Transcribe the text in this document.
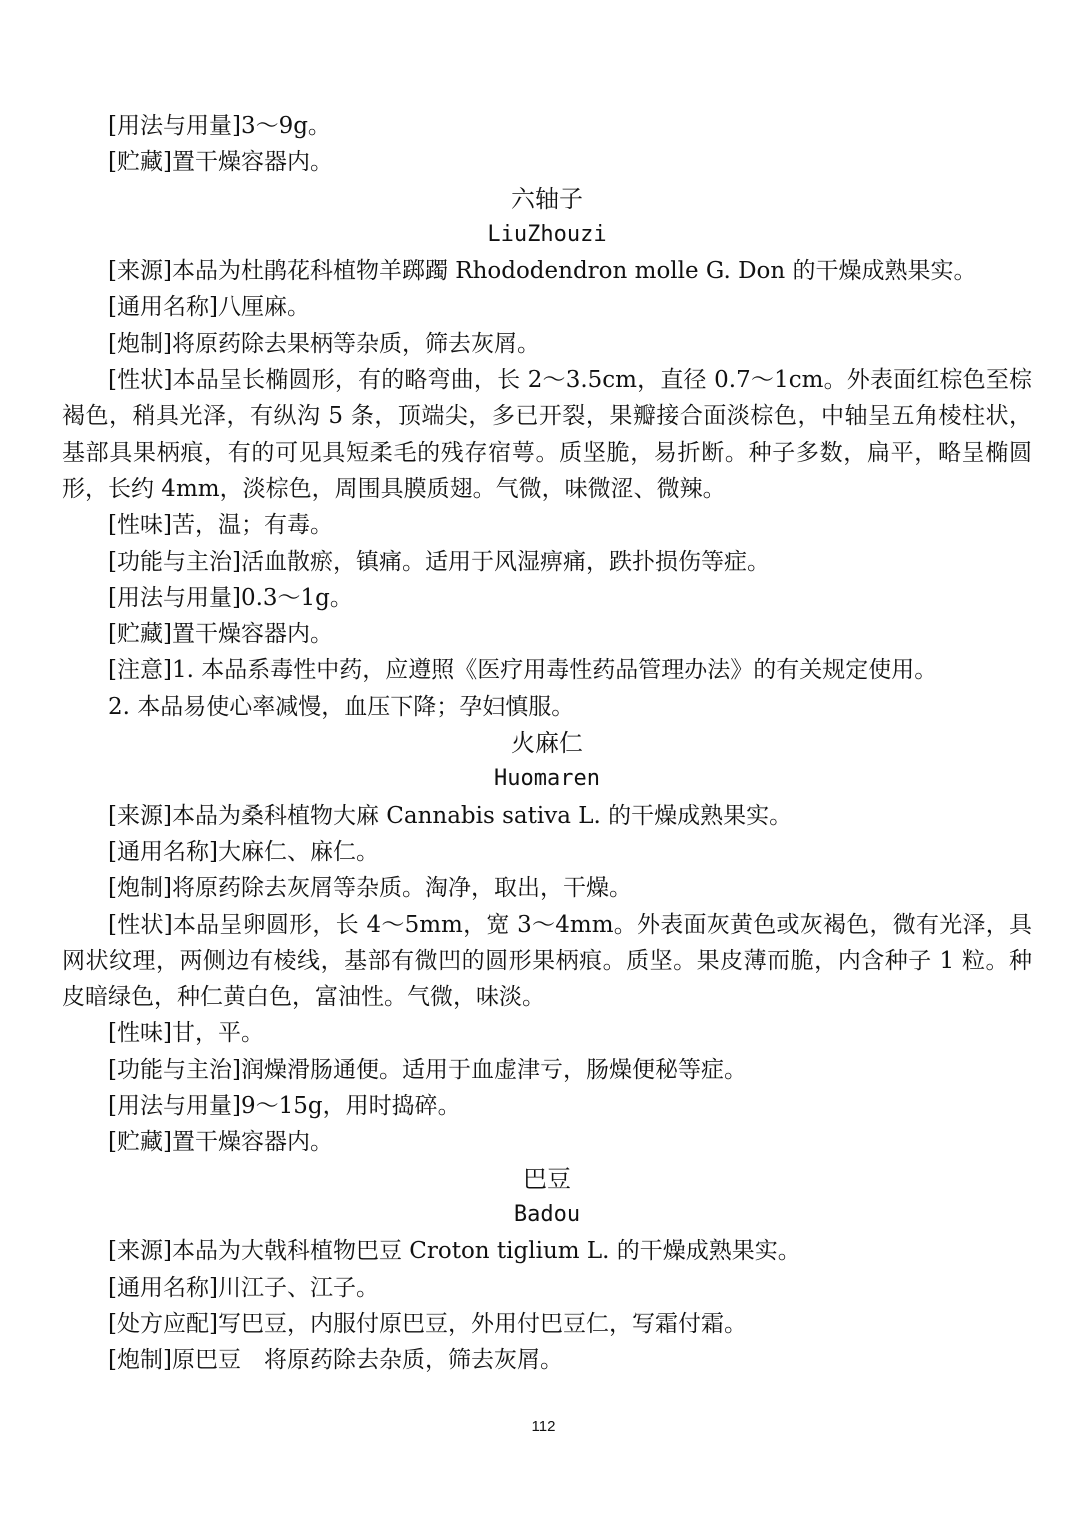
[用法与用量]3～9g。
[贮藏]置干燥容器内。
六轴子
LiuZhouzi
[来源]本品为杜鹃花科植物羊踯躅 Rhododendron molle G. Don 的干燥成熟果实。
[通用名称]八厘麻。
[炮制]将原药除去果柄等杂质，筛去灰屑。

[性状]本品呈长椭圆形，有的略弯曲，长 2～3.5cm，直径 0.7～1cm。外表面红棕色至棕褐色，稍具光泽，有纵沟 5 条，顶端尖，多已开裂，果瓣接合面淡棕色，中轴呈五角棱柱状，基部具果柄痕，有的可见具短柔毛的残存宿萼。质坚脆，易折断。种子多数，扁平，略呈椭圆形，长约 4mm，淡棕色，周围具膜质翅。气微，味微涩、微辣。

[性味]苦，温；有毒。
[功能与主治]活血散瘀，镇痛。适用于风湿痹痛，跌扑损伤等症。
[用法与用量]0.3～1g。
[贮藏]置干燥容器内。
[注意]1. 本品系毒性中药，应遵照《医疗用毒性药品管理办法》的有关规定使用。
2. 本品易使心率减慢，血压下降；孕妇慎服。
火麻仁
Huomaren
[来源]本品为桑科植物大麻 Cannabis sativa L. 的干燥成熟果实。
[通用名称]大麻仁、麻仁。
[炮制]将原药除去灰屑等杂质。淘净，取出，干燥。

[性状]本品呈卵圆形，长 4～5mm，宽 3～4mm。外表面灰黄色或灰褐色，微有光泽，具网状纹理，两侧边有棱线，基部有微凹的圆形果柄痕。质坚。果皮薄而脆，内含种子 1 粒。种皮暗绿色，种仁黄白色，富油性。气微，味淡。

[性味]甘，平。
[功能与主治]润燥滑肠通便。适用于血虚津亏，肠燥便秘等症。
[用法与用量]9～15g，用时捣碎。
[贮藏]置干燥容器内。
巴豆
Badou
[来源]本品为大戟科植物巴豆 Croton tiglium L. 的干燥成熟果实。
[通用名称]川江子、江子。
[处方应配]写巴豆，内服付原巴豆，外用付巴豆仁，写霜付霜。
[炮制]原巴豆　将原药除去杂质，筛去灰屑。
112
